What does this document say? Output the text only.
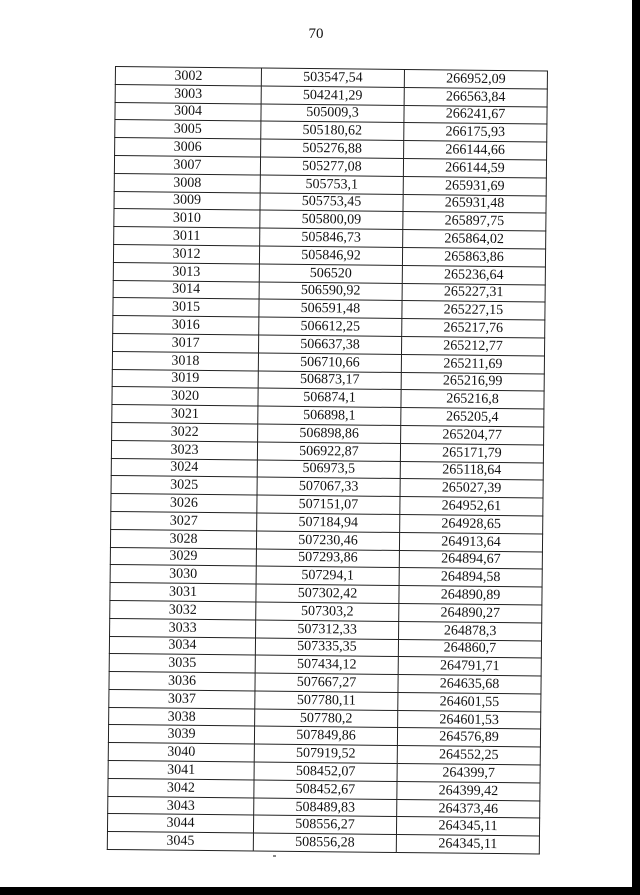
70
3002	503547,54	266952,09
3003	504241,29	266563,84
3004	505009,3	266241,67
3005	505180,62	266175,93
3006	505276,88	266144,66
3007	505277,08	266144,59
3008	505753,1	265931,69
3009	505753,45	265931,48
3010	505800,09	265897,75
3011	505846,73	265864,02
3012	505846,92	265863,86
3013	506520	265236,64
3014	506590,92	265227,31
3015	506591,48	265227,15
3016	506612,25	265217,76
3017	506637,38	265212,77
3018	506710,66	265211,69
3019	506873,17	265216,99
3020	506874,1	265216,8
3021	506898,1	265205,4
3022	506898,86	265204,77
3023	506922,87	265171,79
3024	506973,5	265118,64
3025	507067,33	265027,39
3026	507151,07	264952,61
3027	507184,94	264928,65
3028	507230,46	264913,64
3029	507293,86	264894,67
3030	507294,1	264894,58
3031	507302,42	264890,89
3032	507303,2	264890,27
3033	507312,33	264878,3
3034	507335,35	264860,7
3035	507434,12	264791,71
3036	507667,27	264635,68
3037	507780,11	264601,55
3038	507780,2	264601,53
3039	507849,86	264576,89
3040	507919,52	264552,25
3041	508452,07	264399,7
3042	508452,67	264399,42
3043	508489,83	264373,46
3044	508556,27	264345,11
3045	508556,28	264345,11
